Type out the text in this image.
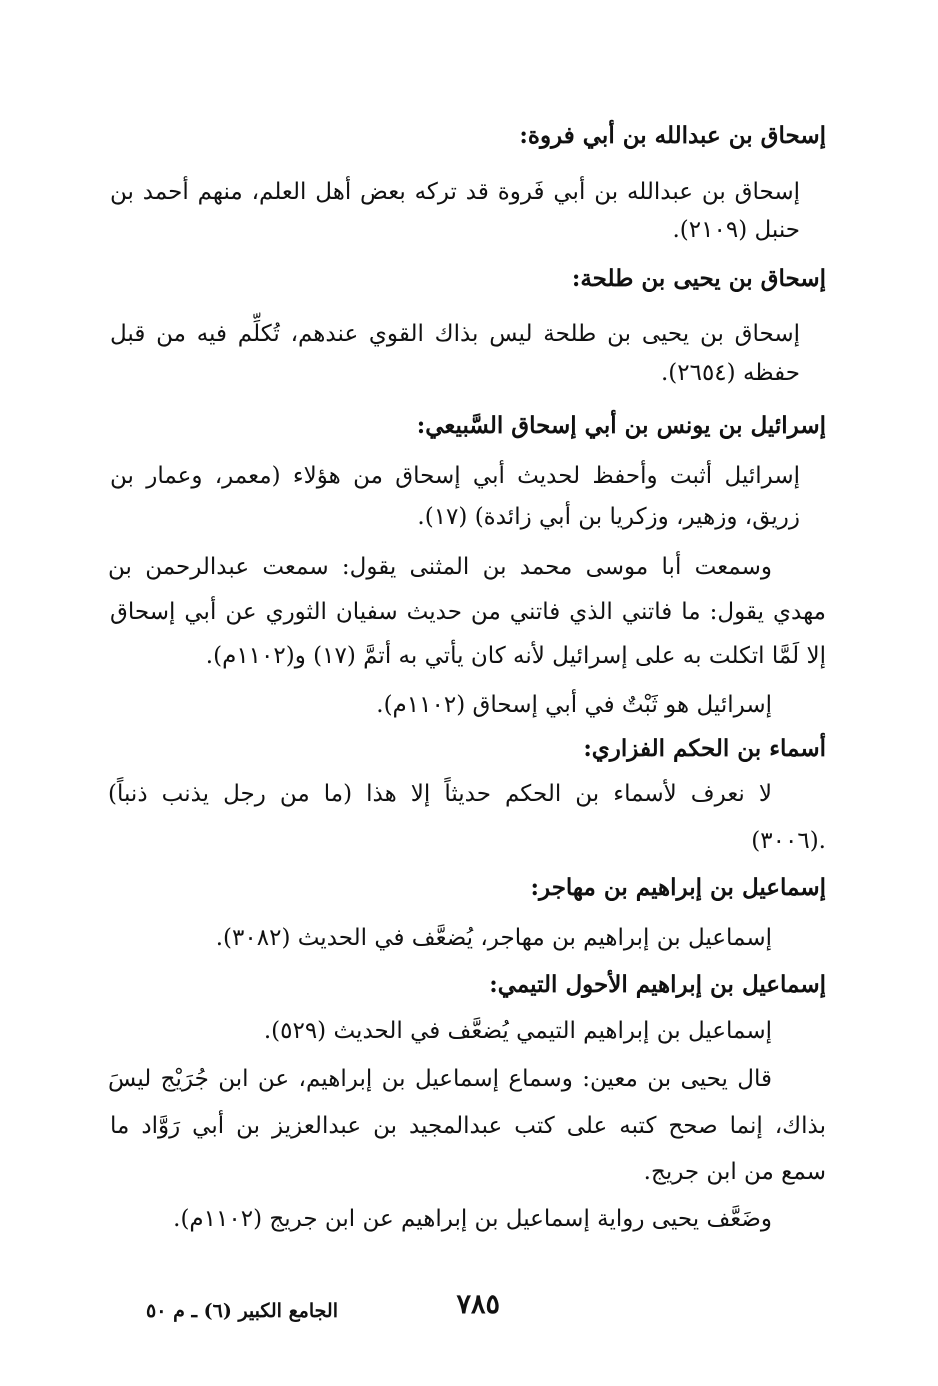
إسحاق بن عبدالله بن أبي فروة:
إسحاق بن عبدالله بن أبي فَروة قد تركه بعض أهل العلم، منهم أحمد بن
حنبل (٢١٠٩).
إسحاق بن يحيى بن طلحة:
إسحاق بن يحيى بن طلحة ليس بذاك القوي عندهم، تُكلِّم فيه من قبل
حفظه (٢٦٥٤).
إسرائيل بن يونس بن أبي إسحاق السَّبيعي:
إسرائيل أثبت وأحفظ لحديث أبي إسحاق من هؤلاء (معمر، وعمار بن
زريق، وزهير، وزكريا بن أبي زائدة) (١٧).
وسمعت أبا موسى محمد بن المثنى يقول: سمعت عبدالرحمن بن
مهدي يقول: ما فاتني الذي فاتني من حديث سفيان الثوري عن أبي إسحاق
إلا لَمَّا اتكلت به على إسرائيل لأنه كان يأتي به أتمَّ (١٧) و(١١٠٢م).
إسرائيل هو ثَبْتٌ في أبي إسحاق (١١٠٢م).
أسماء بن الحكم الفزاري:
لا نعرف لأسماء بن الحكم حديثاً إلا هذا (ما من رجل يذنب ذنباً)
(٣٠٠٦).
إسماعيل بن إبراهيم بن مهاجر:
إسماعيل بن إبراهيم بن مهاجر، يُضعَّف في الحديث (٣٠٨٢).
إسماعيل بن إبراهيم الأحول التيمي:
إسماعيل بن إبراهيم التيمي يُضعَّف في الحديث (٥٢٩).
قال يحيى بن معين: وسماع إسماعيل بن إبراهيم، عن ابن جُرَيْج ليسَ
بذاك، إنما صحح كتبه على كتب عبدالمجيد بن عبدالعزيز بن أبي رَوَّاد ما
سمع من ابن جريج.
وضَعَّف يحيى رواية إسماعيل بن إبراهيم عن ابن جريج (١١٠٢م).
الجامع الكبير (٦) ـ م ٥٠	٧٨٥
